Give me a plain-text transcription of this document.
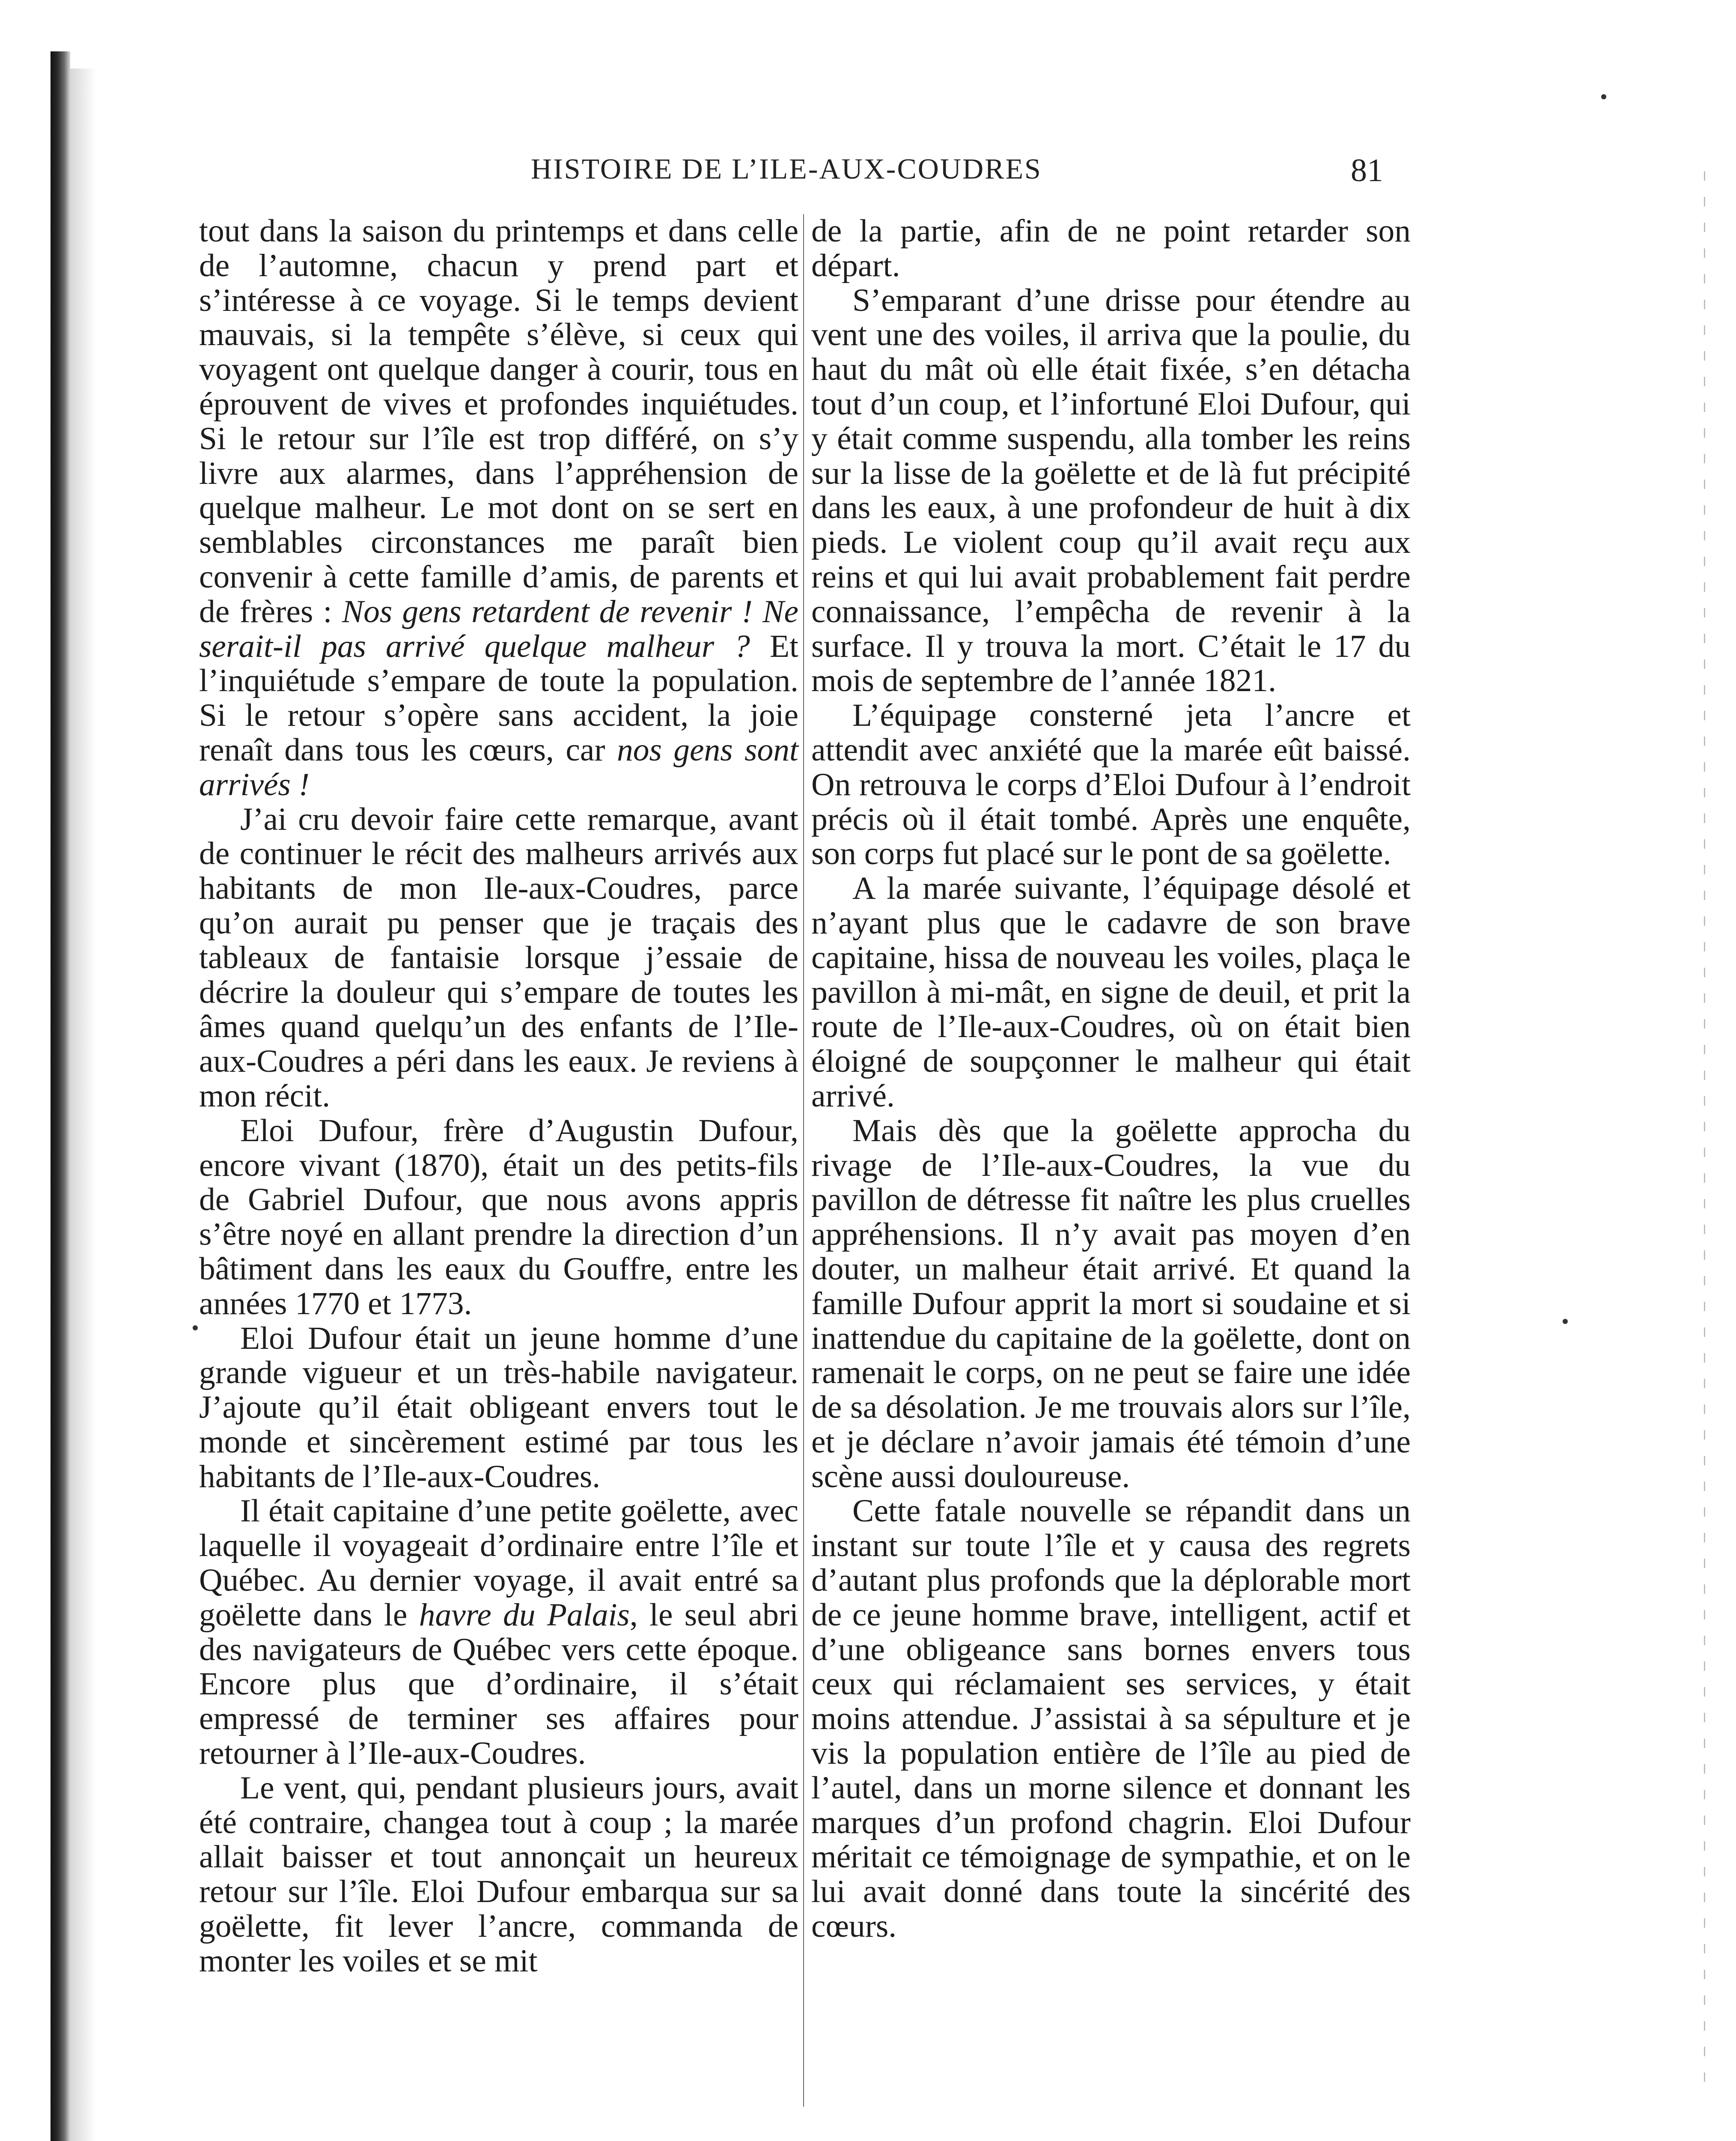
HISTOIRE DE L’ILE-AUX-COUDRES	81

tout dans la saison du printemps et dans celle de l’automne, chacun y prend part et s’intéresse à ce voyage. Si le temps devient mauvais, si la tempête s’élève, si ceux qui voyagent ont quelque danger à courir, tous en éprouvent de vives et profondes inquiétudes. Si le retour sur l’île est trop différé, on s’y livre aux alarmes, dans l’appréhension de quelque malheur. Le mot dont on se sert en semblables circonstances me paraît bien convenir à cette famille d’amis, de parents et de frères : Nos gens retardent de revenir ! Ne serait-il pas arrivé quelque malheur ? Et l’inquiétude s’empare de toute la population. Si le retour s’opère sans accident, la joie renaît dans tous les cœurs, car nos gens sont arrivés !

J’ai cru devoir faire cette remarque, avant de continuer le récit des malheurs arrivés aux habitants de mon Ile-aux-Coudres, parce qu’on aurait pu penser que je traçais des tableaux de fantaisie lorsque j’essaie de décrire la douleur qui s’empare de toutes les âmes quand quelqu’un des enfants de l’Ile-aux-Coudres a péri dans les eaux. Je reviens à mon récit.

Eloi Dufour, frère d’Augustin Dufour, encore vivant (1870), était un des petits-fils de Gabriel Dufour, que nous avons appris s’être noyé en allant prendre la direction d’un bâtiment dans les eaux du Gouffre, entre les années 1770 et 1773.

Eloi Dufour était un jeune homme d’une grande vigueur et un très-habile navigateur. J’ajoute qu’il était obligeant envers tout le monde et sincèrement estimé par tous les habitants de l’Ile-aux-Coudres.

Il était capitaine d’une petite goëlette, avec laquelle il voyageait d’ordinaire entre l’île et Québec. Au dernier voyage, il avait entré sa goëlette dans le havre du Palais, le seul abri des navigateurs de Québec vers cette époque. Encore plus que d’ordinaire, il s’était empressé de terminer ses affaires pour retourner à l’Ile-aux-Coudres.

Le vent, qui, pendant plusieurs jours, avait été contraire, changea tout à coup ; la marée allait baisser et tout annonçait un heureux retour sur l’île. Eloi Dufour embarqua sur sa goëlette, fit lever l’ancre, commanda de monter les voiles et se mit

de la partie, afin de ne point retarder son départ.

S’emparant d’une drisse pour étendre au vent une des voiles, il arriva que la poulie, du haut du mât où elle était fixée, s’en détacha tout d’un coup, et l’infortuné Eloi Dufour, qui y était comme suspendu, alla tomber les reins sur la lisse de la goëlette et de là fut précipité dans les eaux, à une profondeur de huit à dix pieds. Le violent coup qu’il avait reçu aux reins et qui lui avait probablement fait perdre connaissance, l’empêcha de revenir à la surface. Il y trouva la mort. C’était le 17 du mois de septembre de l’année 1821.

L’équipage consterné jeta l’ancre et attendit avec anxiété que la marée eût baissé. On retrouva le corps d’Eloi Dufour à l’endroit précis où il était tombé. Après une enquête, son corps fut placé sur le pont de sa goëlette.

A la marée suivante, l’équipage désolé et n’ayant plus que le cadavre de son brave capitaine, hissa de nouveau les voiles, plaça le pavillon à mi-mât, en signe de deuil, et prit la route de l’Ile-aux-Coudres, où on était bien éloigné de soupçonner le malheur qui était arrivé.

Mais dès que la goëlette approcha du rivage de l’Ile-aux-Coudres, la vue du pavillon de détresse fit naître les plus cruelles appréhensions. Il n’y avait pas moyen d’en douter, un malheur était arrivé. Et quand la famille Dufour apprit la mort si soudaine et si inattendue du capitaine de la goëlette, dont on ramenait le corps, on ne peut se faire une idée de sa désolation. Je me trouvais alors sur l’île, et je déclare n’avoir jamais été témoin d’une scène aussi douloureuse.

Cette fatale nouvelle se répandit dans un instant sur toute l’île et y causa des regrets d’autant plus profonds que la déplorable mort de ce jeune homme brave, intelligent, actif et d’une obligeance sans bornes envers tous ceux qui réclamaient ses services, y était moins attendue. J’assistai à sa sépulture et je vis la population entière de l’île au pied de l’autel, dans un morne silence et donnant les marques d’un profond chagrin. Eloi Dufour méritait ce témoignage de sympathie, et on le lui avait donné dans toute la sincérité des cœurs.
